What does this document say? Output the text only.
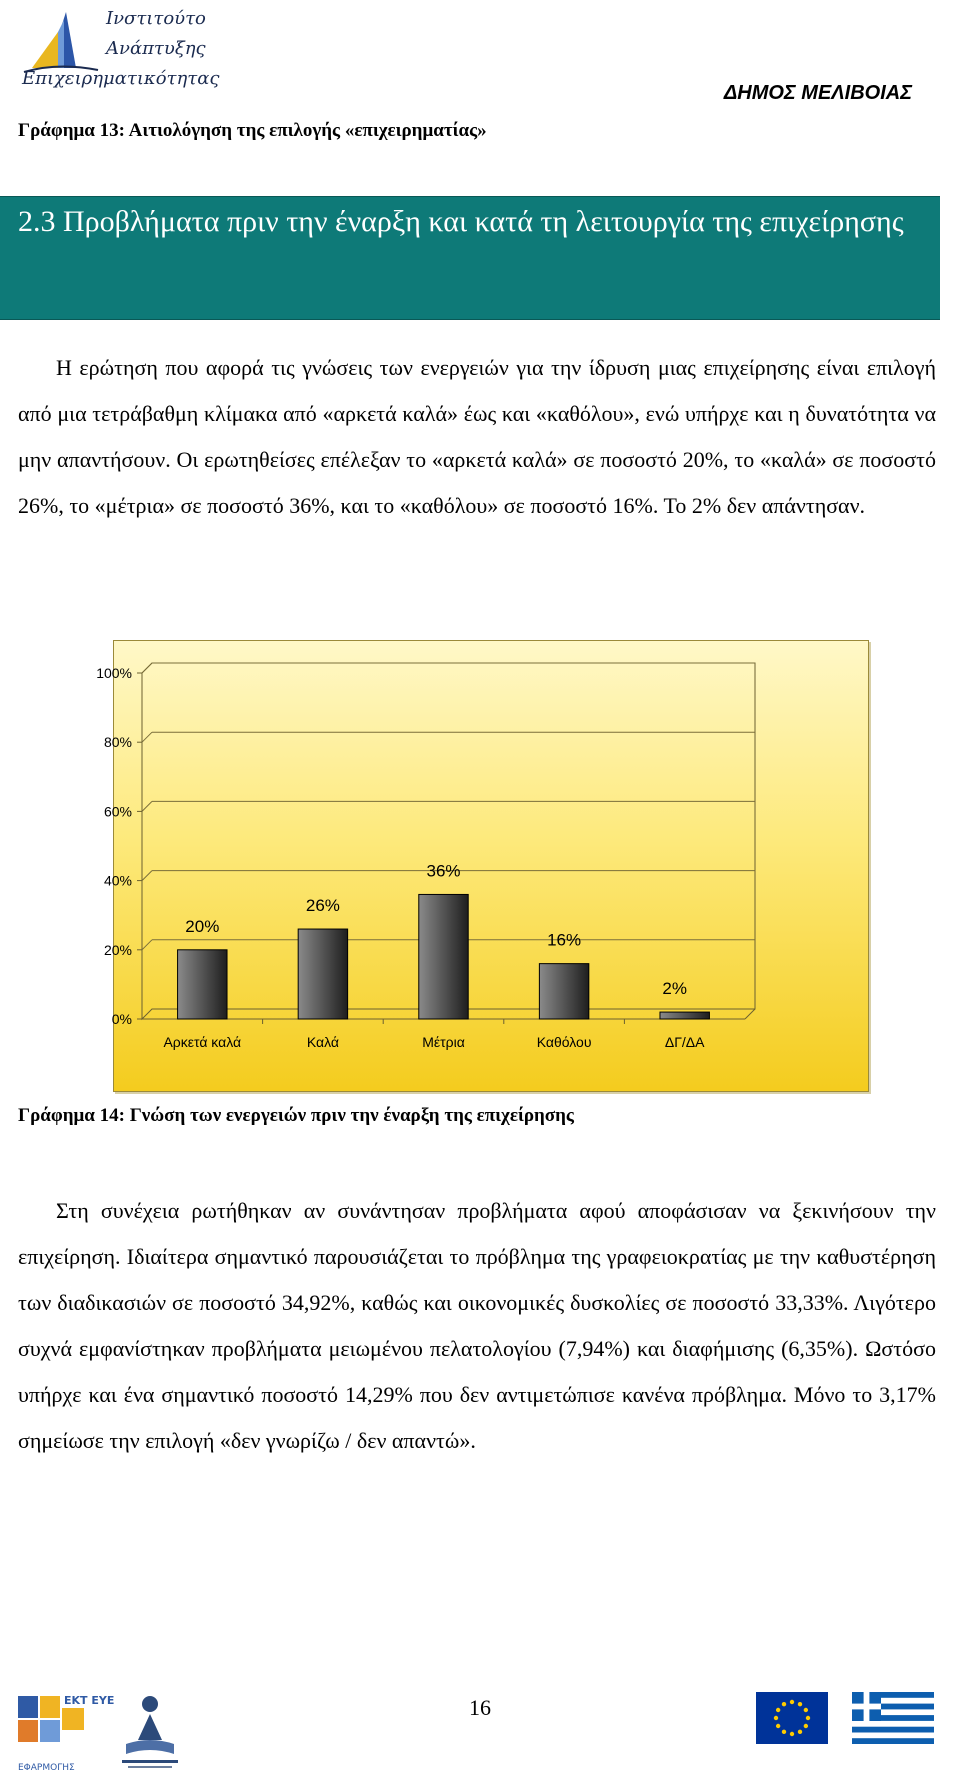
Ινστιτούτο
Ανάπτυξης
Επιχειρηματικότητας
ΔΗΜΟΣ ΜΕΛΙΒΟΙΑΣ
Γράφημα 13: Αιτιολόγηση της επιλογής «επιχειρηματίας»
2.3 Προβλήματα πριν την έναρξη και κατά τη λειτουργία της επιχείρησης
Η ερώτηση που αφορά τις γνώσεις των ενεργειών για την ίδρυση μιας επιχείρησης είναι επιλογή από μια τετράβαθμη κλίμακα από «αρκετά καλά» έως και «καθόλου», ενώ υπήρχε και η δυνατότητα να μην απαντήσουν. Οι ερωτηθείσες επέλεξαν το «αρκετά καλά» σε ποσοστό 20%, το «καλά» σε ποσοστό 26%, το «μέτρια» σε ποσοστό 36%, και το «καθόλου» σε ποσοστό 16%. Το 2% δεν απάντησαν.
0%
20%
40%
60%
80%
100%
20%
Αρκετά καλά
26%
Καλά
36%
Μέτρια
16%
Καθόλου
2%
ΔΓ/ΔΑ
Γράφημα 14: Γνώση των ενεργειών πριν την έναρξη της επιχείρησης
Στη συνέχεια ρωτήθηκαν αν συνάντησαν προβλήματα αφού αποφάσισαν να ξεκινήσουν την επιχείρηση. Ιδιαίτερα σημαντικό παρουσιάζεται το πρόβλημα της γραφειοκρατίας με την καθυστέρηση των διαδικασιών σε ποσοστό 34,92%, καθώς και οικονομικές δυσκολίες σε ποσοστό 33,33%. Λιγότερο συχνά εμφανίστηκαν προβλήματα μειωμένου πελατολογίου (7,94%) και διαφήμισης (6,35%). Ωστόσο υπήρχε και ένα σημαντικό ποσοστό 14,29% που δεν αντιμετώπισε κανένα πρόβλημα. Μόνο το 3,17% σημείωσε την επιλογή «δεν γνωρίζω / δεν απαντώ».
ΕΚΤ ΕΥΕ
ΕΦΑΡΜΟΓΗΣ
16
